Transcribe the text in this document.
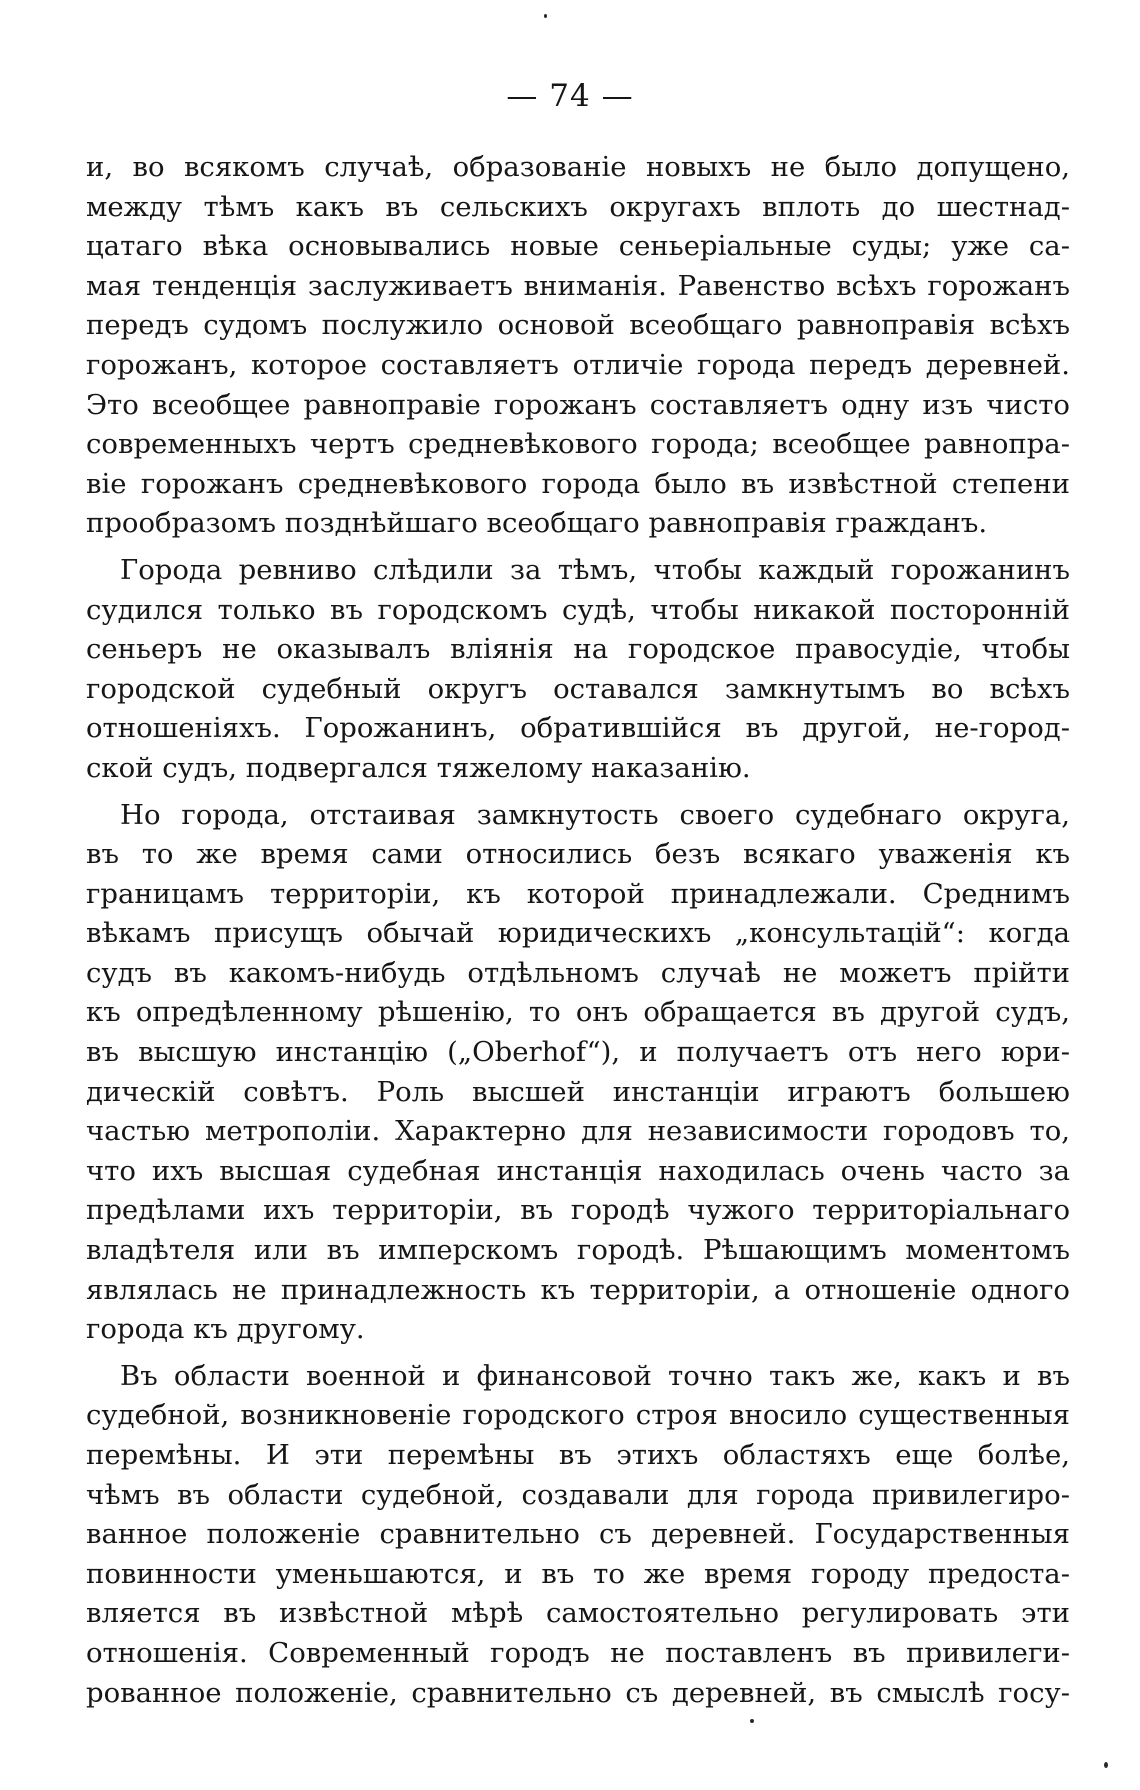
— 74 —
и, во всякомъ случаѣ, образованіе новыхъ не было допущено,
между тѣмъ какъ въ сельскихъ округахъ вплоть до шестнад-
цатаго вѣка основывались новые сеньеріальные суды; уже са-
мая тенденція заслуживаетъ вниманія. Равенство всѣхъ горожанъ
передъ судомъ послужило основой всеобщаго равноправія всѣхъ
горожанъ, которое составляетъ отличіе города передъ деревней.
Это всеобщее равноправіе горожанъ составляетъ одну изъ чисто
современныхъ чертъ средневѣкового города; всеобщее равнопра-
віе горожанъ средневѣкового города было въ извѣстной степени
прообразомъ позднѣйшаго всеобщаго равноправія гражданъ.
Города ревниво слѣдили за тѣмъ, чтобы каждый горожанинъ
судился только въ городскомъ судѣ, чтобы никакой посторонній
сеньеръ не оказывалъ вліянія на городское правосудіе, чтобы
городской судебный округъ оставался замкнутымъ во всѣхъ
отношеніяхъ. Горожанинъ, обратившійся въ другой, не-город-
ской судъ, подвергался тяжелому наказанію.
Но города, отстаивая замкнутость своего судебнаго округа,
въ то же время сами относились безъ всякаго уваженія къ
границамъ территоріи, къ которой принадлежали. Среднимъ
вѣкамъ присущъ обычай юридическихъ „консультацій“: когда
судъ въ какомъ-нибудь отдѣльномъ случаѣ не можетъ прійти
къ опредѣленному рѣшенію, то онъ обращается въ другой судъ,
въ высшую инстанцію („Oberhof“), и получаетъ отъ него юри-
дическій совѣтъ. Роль высшей инстанціи играютъ большею
частью метрополіи. Характерно для независимости городовъ то,
что ихъ высшая судебная инстанція находилась очень часто за
предѣлами ихъ территоріи, въ городѣ чужого территоріальнаго
владѣтеля или въ имперскомъ городѣ. Рѣшающимъ моментомъ
являлась не принадлежность къ территоріи, а отношеніе одного
города къ другому.
Въ области военной и финансовой точно такъ же, какъ и въ
судебной, возникновеніе городского строя вносило существенныя
перемѣны. И эти перемѣны въ этихъ областяхъ еще болѣе,
чѣмъ въ области судебной, создавали для города привилегиро-
ванное положеніе сравнительно съ деревней. Государственныя
повинности уменьшаются, и въ то же время городу предоста-
вляется въ извѣстной мѣрѣ самостоятельно регулировать эти
отношенія. Современный городъ не поставленъ въ привилеги-
рованное положеніе, сравнительно съ деревней, въ смыслѣ госу-
